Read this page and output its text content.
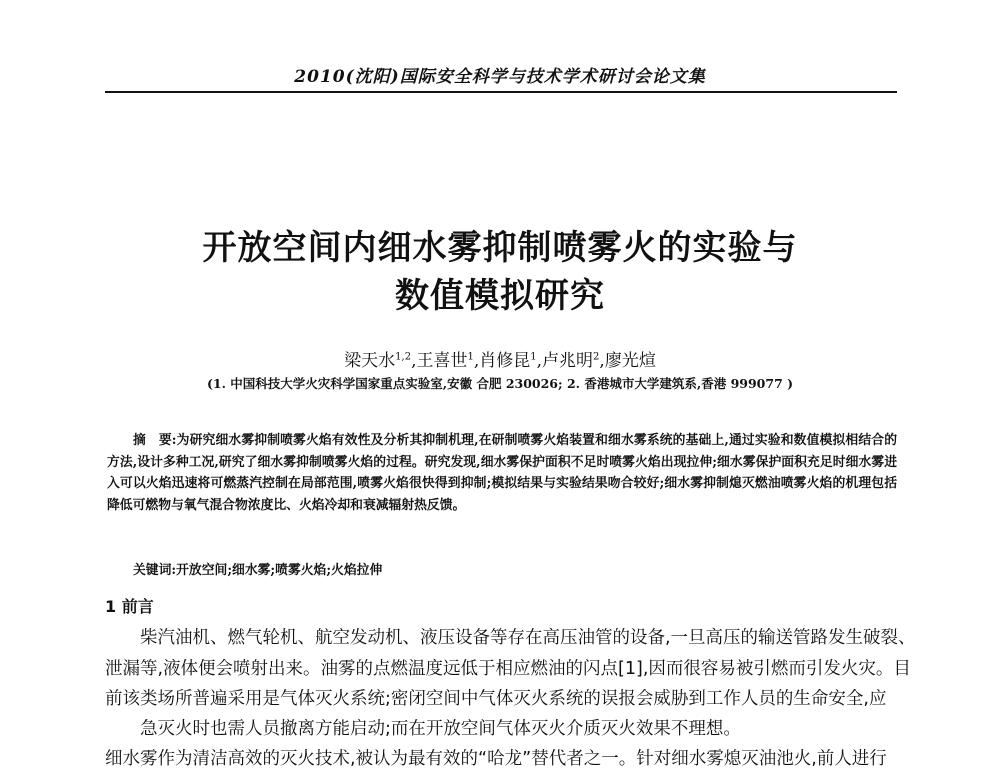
2010(沈阳)国际安全科学与技术学术研讨会论文集
开放空间内细水雾抑制喷雾火的实验与
数值模拟研究
梁天水$^{1,2}$,王喜世$^1$,肖修昆$^1$,卢兆明$^2$,廖光煊
(1. 中国科技大学火灾科学国家重点实验室,安徽 合肥 230026; 2. 香港城市大学建筑系,香港 999077 )
摘　要:为研究细水雾抑制喷雾火焰有效性及分析其抑制机理,在研制喷雾火焰装置和细水雾系统的基础上,通过实验和数值模拟相结合的方法,设计多种工况,研究了细水雾抑制喷雾火焰的过程。研究发现,细水雾保护面积不足时喷雾火焰出现拉伸;细水雾保护面积充足时细水雾进入可以火焰迅速将可燃蒸汽控制在局部范围,喷雾火焰很快得到抑制;模拟结果与实验结果吻合较好;细水雾抑制熄灭燃油喷雾火焰的机理包括降低可燃物与氧气混合物浓度比、火焰冷却和衰减辐射热反馈。
关键词:开放空间;细水雾;喷雾火焰;火焰拉伸
1 前言
柴汽油机、燃气轮机、航空发动机、液压设备等存在高压油管的设备,一旦高压的输送管路发生破裂、
泄漏等,液体便会喷射出来。油雾的点燃温度远低于相应燃油的闪点[1],因而很容易被引燃而引发火灾。目
前该类场所普遍采用是气体灭火系统;密闭空间中气体灭火系统的误报会威胁到工作人员的生命安全,应
急灭火时也需人员撤离方能启动;而在开放空间气体灭火介质灭火效果不理想。
细水雾作为清洁高效的灭火技术,被认为最有效的“哈龙”替代者之一。针对细水雾熄灭油池火,前人进行
